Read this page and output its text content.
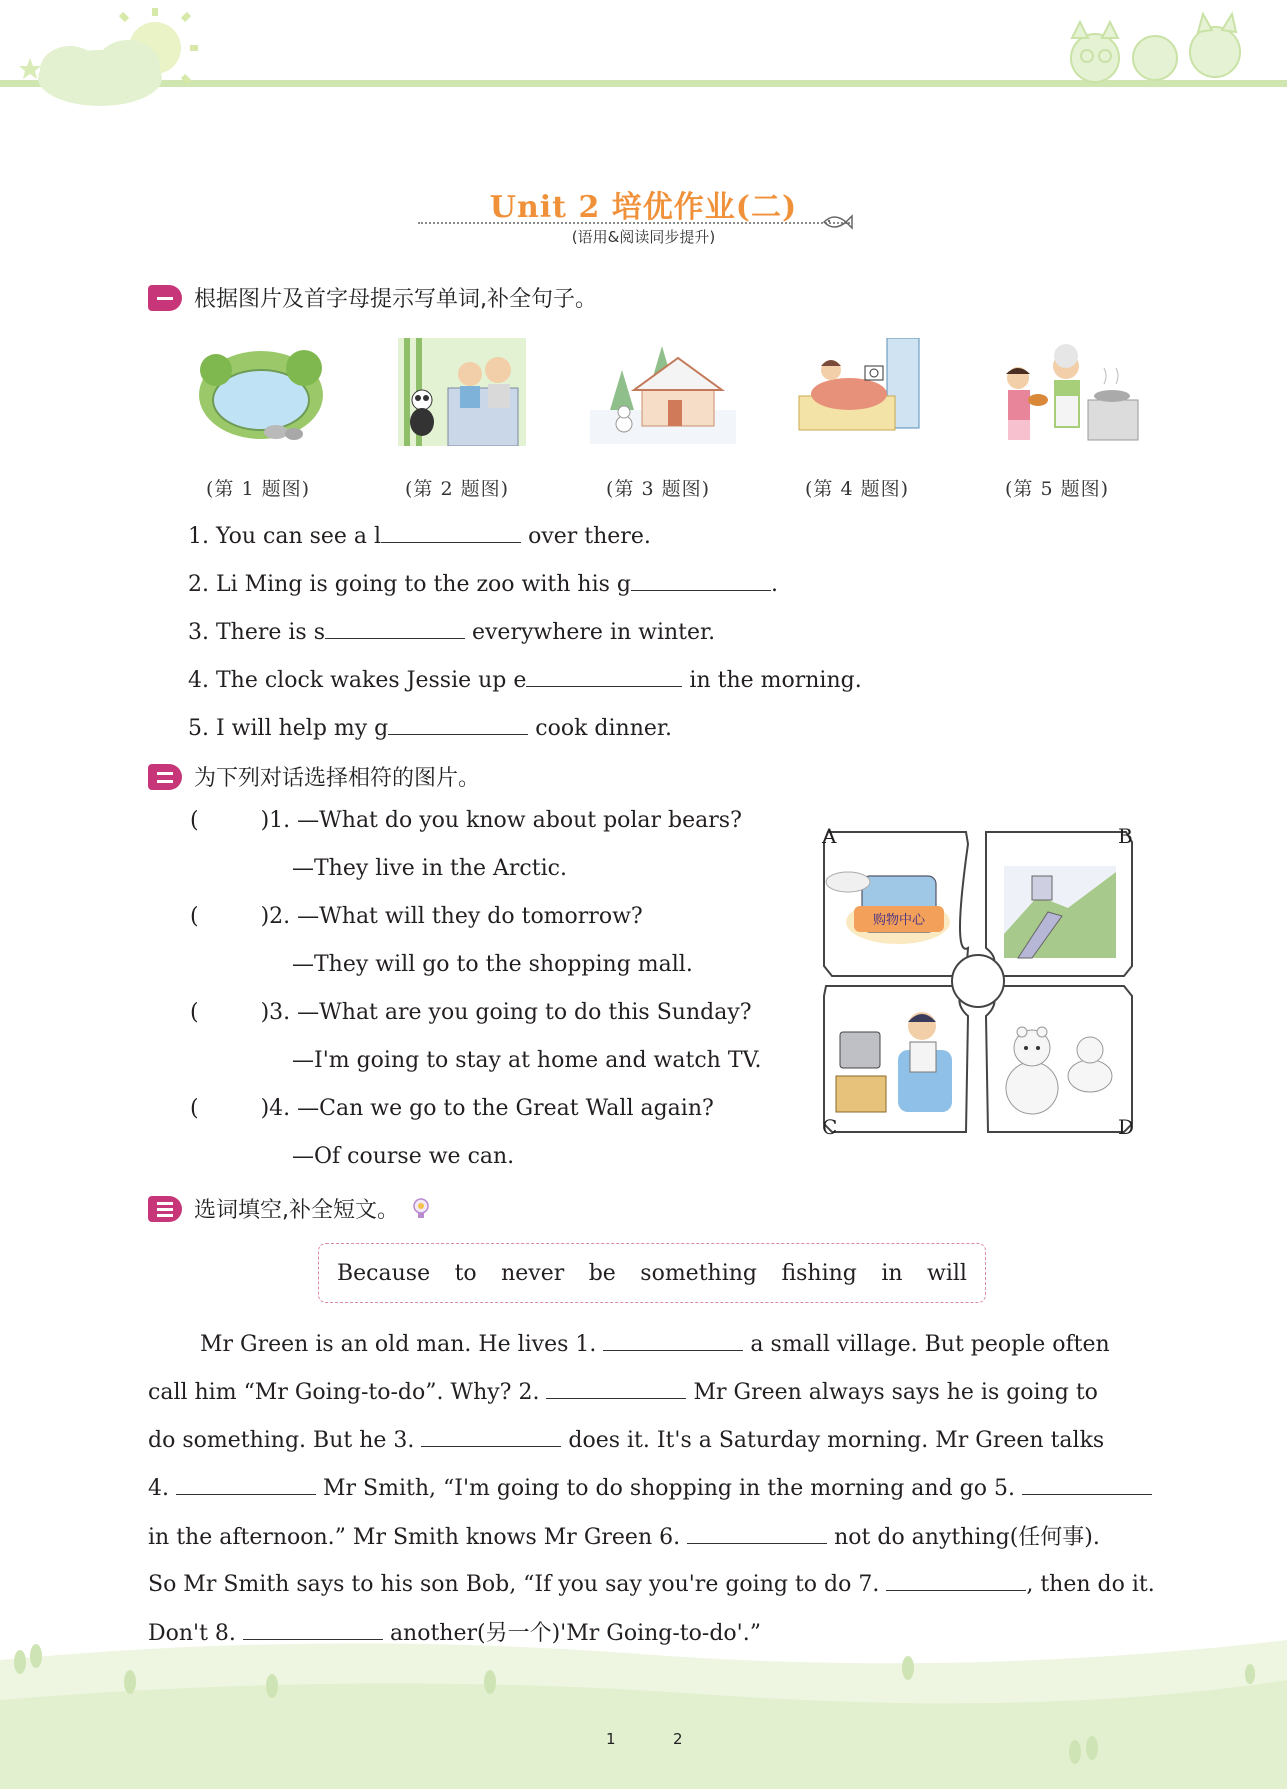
Unit 2 培优作业(二)
(语用&阅读同步提升)
根据图片及首字母提示写单词,补全句子。
(第 1 题图)	(第 2 题图)	(第 3 题图)	(第 4 题图)	(第 5 题图)
1. You can see a l	over there.
2. Li Ming is going to the zoo with his g	.
3. There is s	everywhere in winter.
4. The clock wakes Jessie up e	in the morning.
5. I will help my g	cook dinner.
为下列对话选择相符的图片。
(	)1. —What do you know about polar bears?
—They live in the Arctic.
(	)2. —What will they do tomorrow?
—They will go to the shopping mall.
(	)3. —What are you going to do this Sunday?
—I'm going to stay at home and watch TV.
(	)4. —Can we go to the Great Wall again?
—Of course we can.
购物中心
A	B
C	D
选词填空,补全短文。
Because to never be something fishing in will
Mr Green is an old man. He lives 1.	a small village. But people often
call him “Mr Going-to-do”. Why? 2.	Mr Green always says he is going to
do something. But he 3.	does it. It's a Saturday morning. Mr Green talks
4.	Mr Smith, “I'm going to do shopping in the morning and go 5.
in the afternoon.” Mr Smith knows Mr Green 6.	not do anything(任何事).
So Mr Smith says to his son Bob, “If you say you're going to do 7.	, then do it.
Don't 8.	another(另一个)'Mr Going-to-do'.”
1	2
